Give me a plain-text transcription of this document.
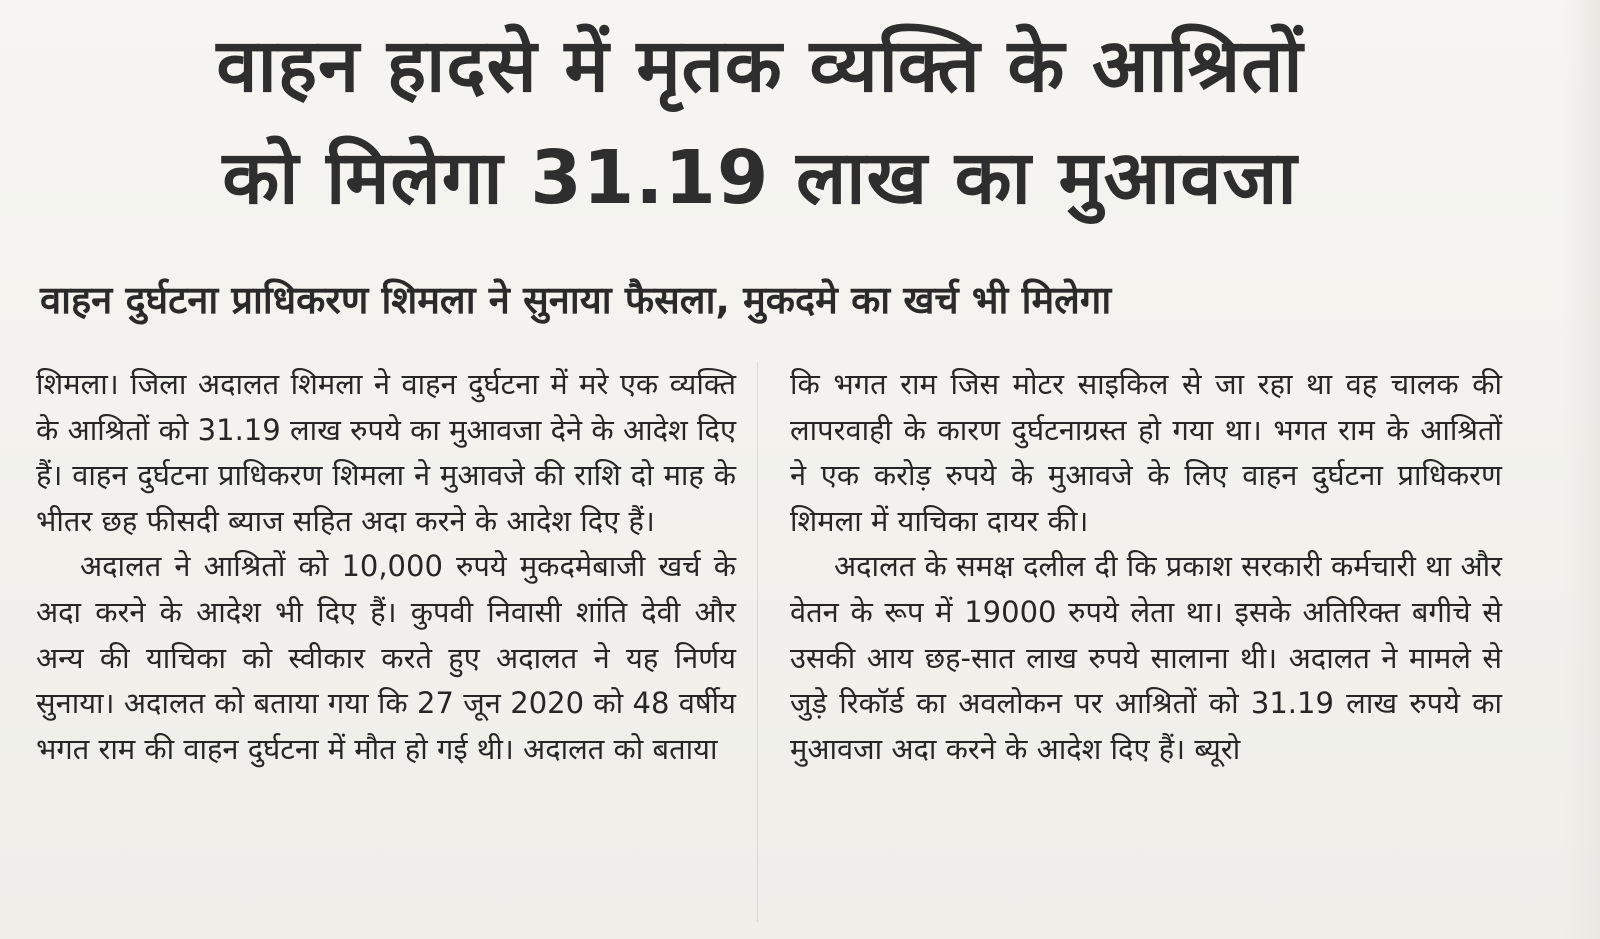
वाहन हादसे में मृतक व्यक्ति के आश्रितों
को मिलेगा 31.19 लाख का मुआवजा
वाहन दुर्घटना प्राधिकरण शिमला ने सुनाया फैसला, मुकदमे का खर्च भी मिलेगा

शिमला। जिला अदालत शिमला ने वाहन दुर्घटना में मरे एक व्यक्ति के आश्रितों को 31.19 लाख रुपये का मुआवजा देने के आदेश दिए हैं। वाहन दुर्घटना प्राधिकरण शिमला ने मुआवजे की राशि दो माह के भीतर छह फीसदी ब्याज सहित अदा करने के आदेश दिए हैं।

अदालत ने आश्रितों को 10,000 रुपये मुकदमेबाजी खर्च के अदा करने के आदेश भी दिए हैं। कुपवी निवासी शांति देवी और अन्य की याचिका को स्वीकार करते हुए अदालत ने यह निर्णय सुनाया। अदालत को बताया गया कि 27 जून 2020 को 48 वर्षीय भगत राम की वाहन दुर्घटना में मौत हो गई थी। अदालत को बताया

कि भगत राम जिस मोटर साइकिल से जा रहा था वह चालक की लापरवाही के कारण दुर्घटनाग्रस्त हो गया था। भगत राम के आश्रितों ने एक करोड़ रुपये के मुआवजे के लिए वाहन दुर्घटना प्राधिकरण शिमला में याचिका दायर की।

अदालत के समक्ष दलील दी कि प्रकाश सरकारी कर्मचारी था और वेतन के रूप में 19000 रुपये लेता था। इसके अतिरिक्त बगीचे से उसकी आय छह-सात लाख रुपये सालाना थी। अदालत ने मामले से जुड़े रिकॉर्ड का अवलोकन पर आश्रितों को 31.19 लाख रुपये का मुआवजा अदा करने के आदेश दिए हैं। ब्यूरो
